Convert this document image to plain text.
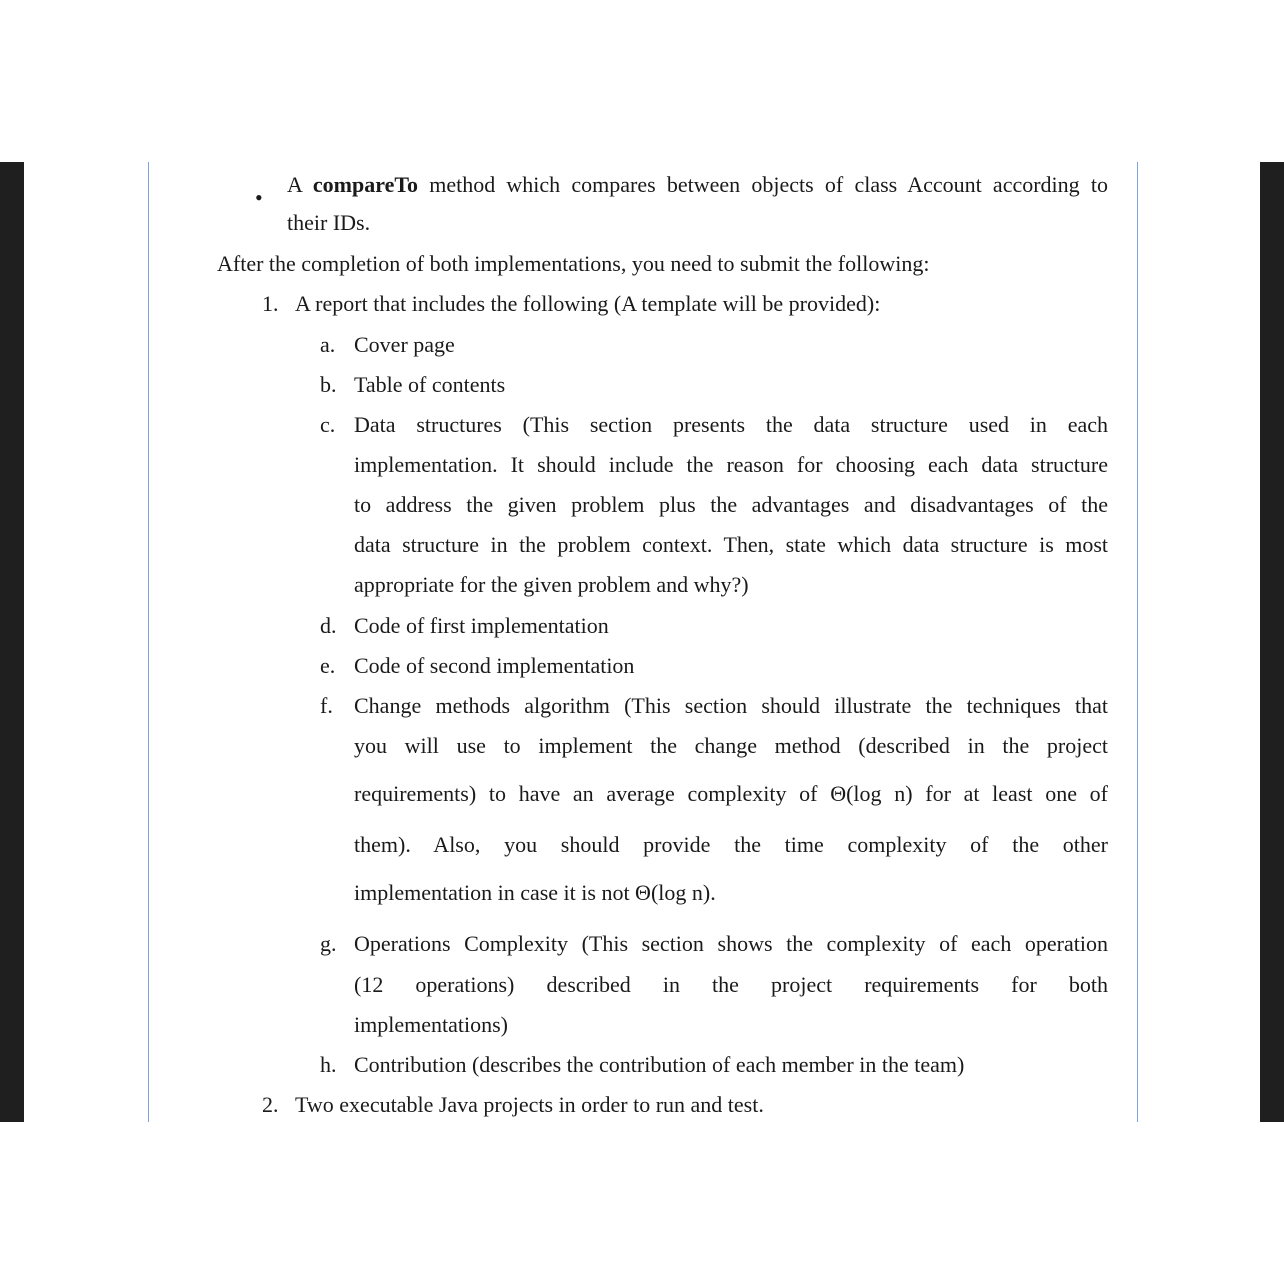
•
A compareTo method which compares between objects of class Account according to
their IDs.
After the completion of both implementations, you need to submit the following:
1. A report that includes the following (A template will be provided):
a. Cover page
b. Table of contents
c. Data structures (This section presents the data structure used in each
implementation. It should include the reason for choosing each data structure
to address the given problem plus the advantages and disadvantages of the
data structure in the problem context. Then, state which data structure is most
appropriate for the given problem and why?)
d. Code of first implementation
e. Code of second implementation
f. Change methods algorithm (This section should illustrate the techniques that
you will use to implement the change method (described in the project
requirements) to have an average complexity of Θ(log n) for at least one of
them). Also, you should provide the time complexity of the other
implementation in case it is not Θ(log n).
g. Operations Complexity (This section shows the complexity of each operation
(12 operations) described in the project requirements for both
implementations)
h. Contribution (describes the contribution of each member in the team)
2. Two executable Java projects in order to run and test.
